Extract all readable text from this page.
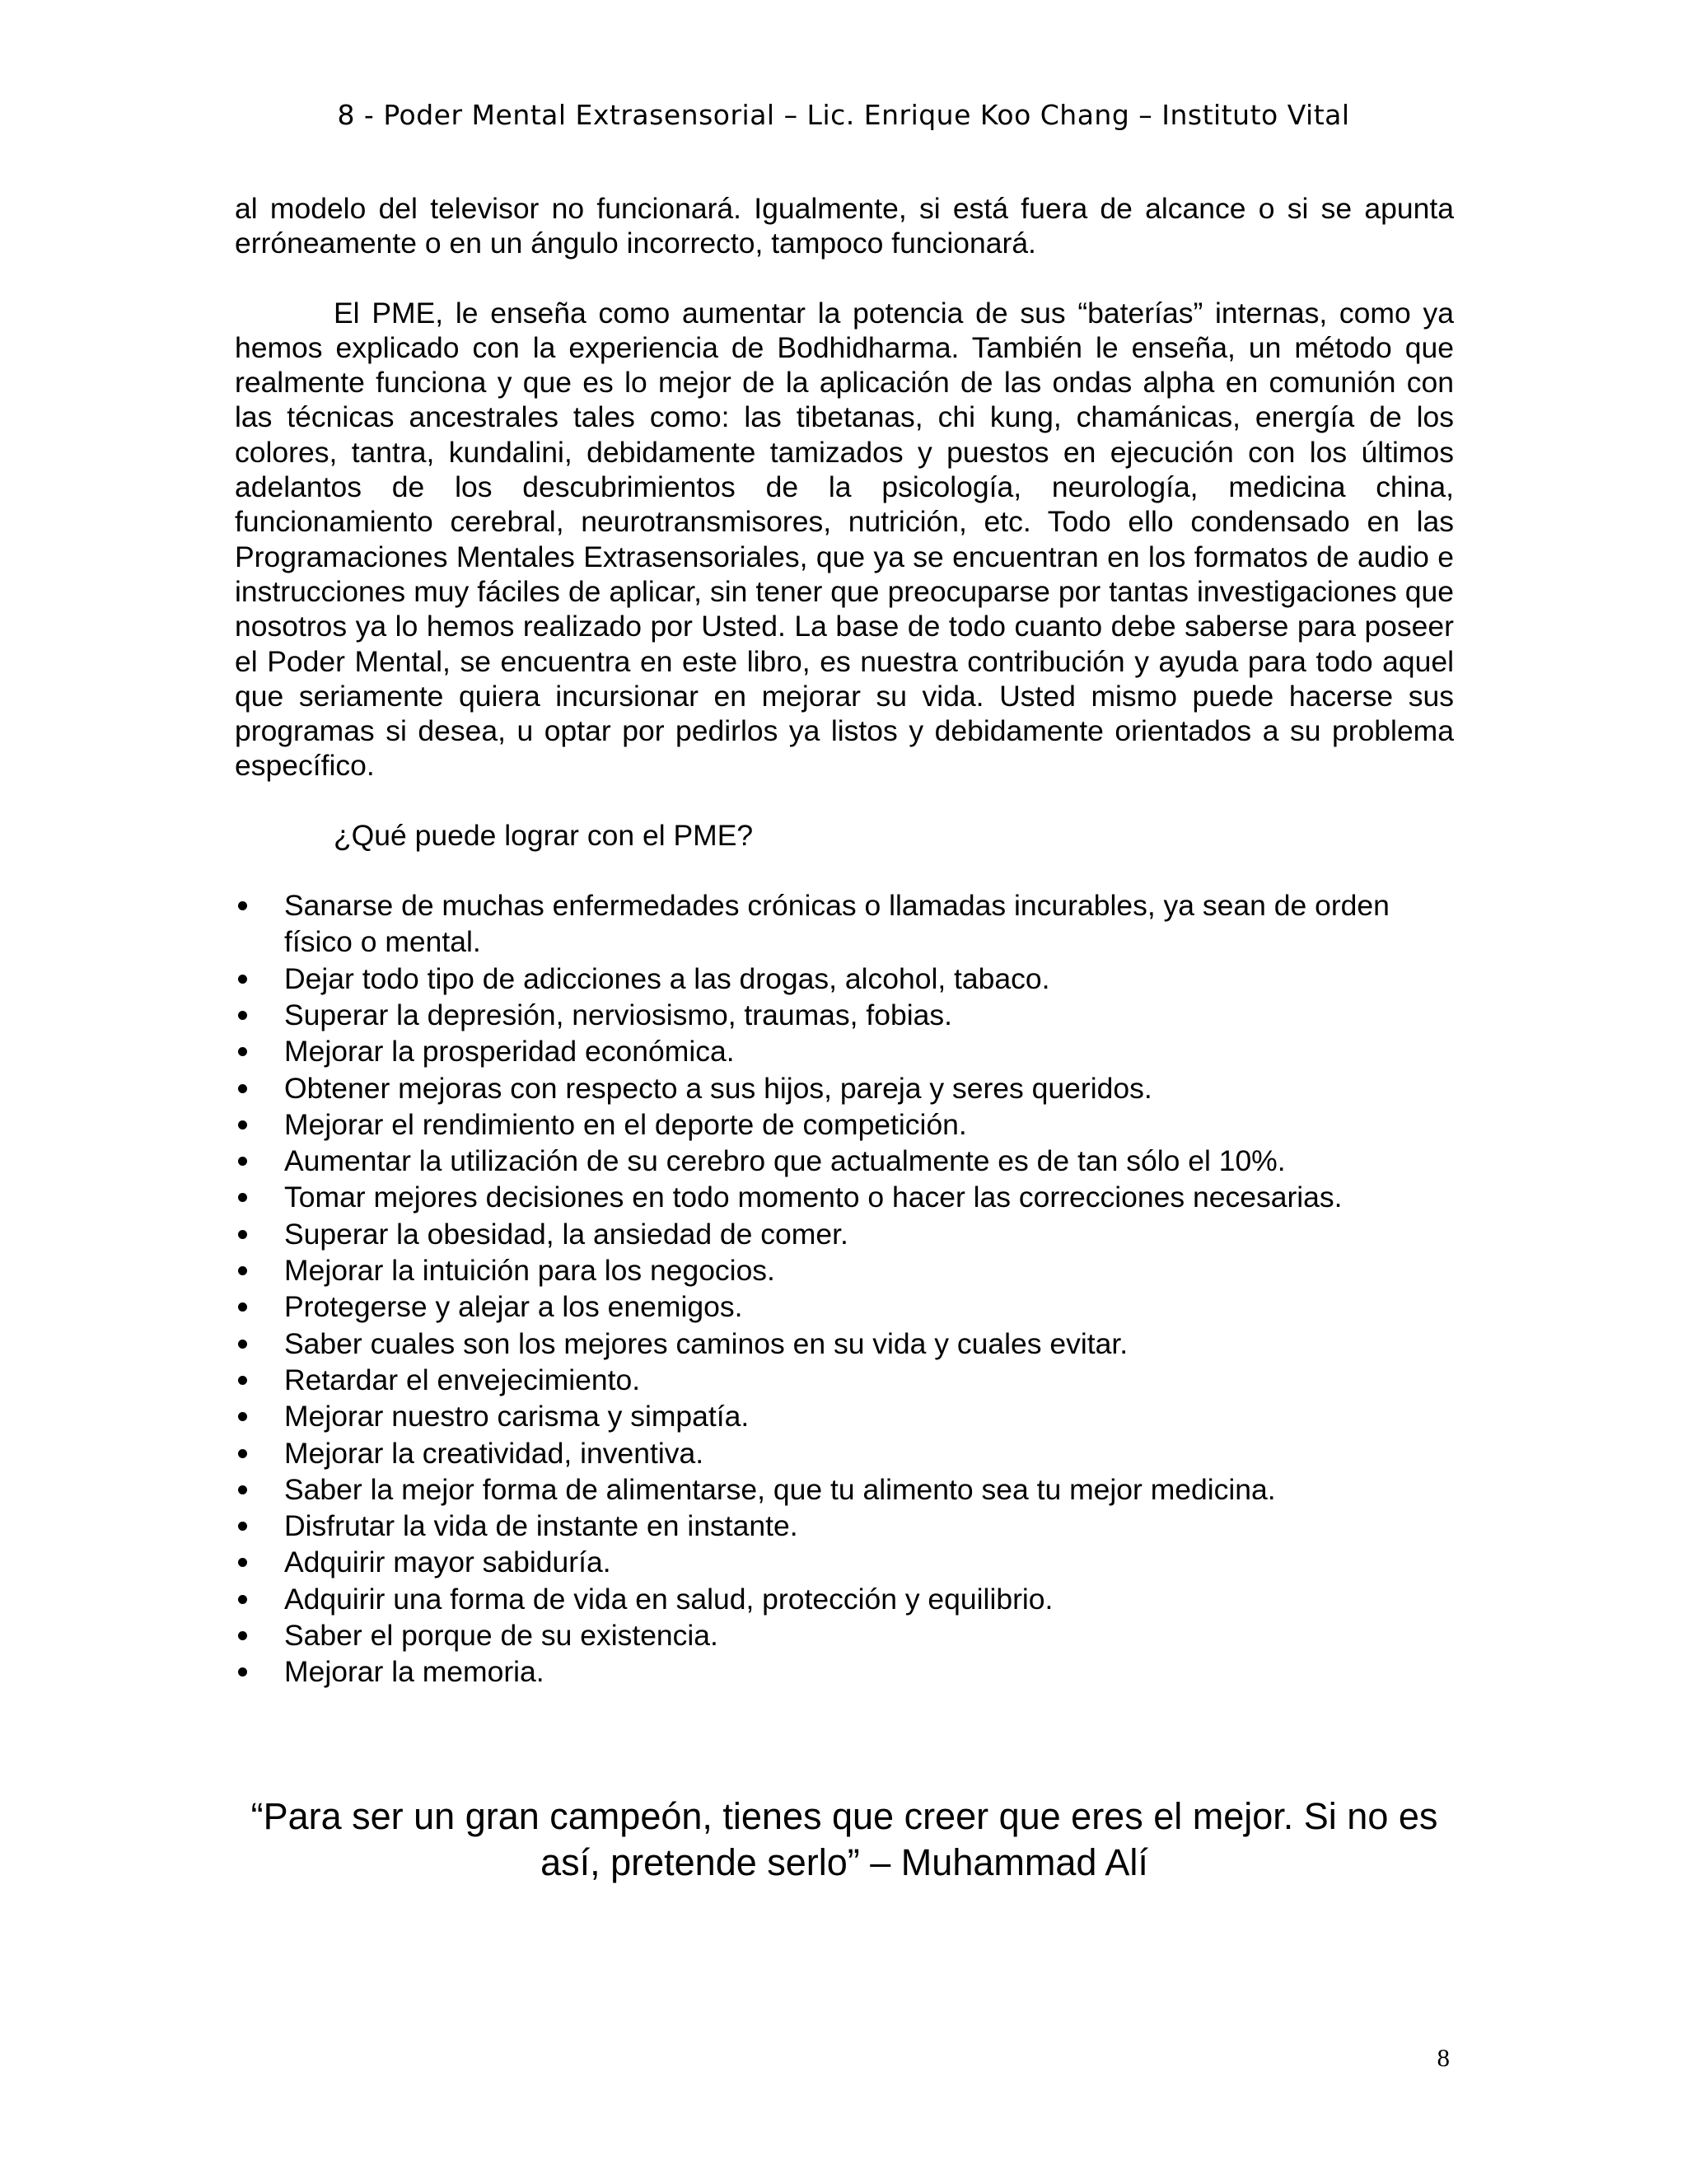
8 - Poder Mental Extrasensorial – Lic. Enrique Koo Chang – Instituto Vital

al modelo del televisor no funcionará. Igualmente, si está fuera de alcance o si se apunta erróneamente o en un ángulo incorrecto, tampoco funcionará.

El PME, le enseña como aumentar la potencia de sus “baterías” internas, como ya hemos explicado con la experiencia de Bodhidharma. También le enseña, un método que realmente funciona y que es lo mejor de la aplicación de las ondas alpha en comunión con las técnicas ancestrales tales como: las tibetanas, chi kung, chamánicas, energía de los colores, tantra, kundalini, debidamente tamizados y puestos en ejecución con los últimos adelantos de los descubrimientos de la psicología, neurología, medicina china, funcionamiento cerebral, neurotransmisores, nutrición, etc. Todo ello condensado en las Programaciones Mentales Extrasensoriales, que ya se encuentran en los formatos de audio e instrucciones muy fáciles de aplicar, sin tener que preocuparse por tantas investigaciones que nosotros ya lo hemos realizado por Usted. La base de todo cuanto debe saberse para poseer el Poder Mental, se encuentra en este libro, es nuestra contribución y ayuda para todo aquel que seriamente quiera incursionar en mejorar su vida. Usted mismo puede hacerse sus programas si desea, u optar por pedirlos ya listos y debidamente orientados a su problema específico.

¿Qué puede lograr con el PME?

Sanarse de muchas enfermedades crónicas o llamadas incurables, ya sean de orden físico o mental.
Dejar todo tipo de adicciones a las drogas, alcohol, tabaco.
Superar la depresión, nerviosismo, traumas, fobias.
Mejorar la prosperidad económica.
Obtener mejoras con respecto a sus hijos, pareja y seres queridos.
Mejorar el rendimiento en el deporte de competición.
Aumentar la utilización de su cerebro que actualmente es de tan sólo el 10%.
Tomar mejores decisiones en todo momento o hacer las correcciones necesarias.
Superar la obesidad, la ansiedad de comer.
Mejorar la intuición para los negocios.
Protegerse y alejar a los enemigos.
Saber cuales son los mejores caminos en su vida y cuales evitar.
Retardar el envejecimiento.
Mejorar nuestro carisma y simpatía.
Mejorar la creatividad, inventiva.
Saber la mejor forma de alimentarse, que tu alimento sea tu mejor medicina.
Disfrutar la vida de instante en instante.
Adquirir mayor sabiduría.
Adquirir una forma de vida en salud, protección y equilibrio.
Saber el porque de su existencia.
Mejorar la memoria.
“Para ser un gran campeón, tienes que creer que eres el mejor. Si no es así, pretende serlo” – Muhammad Alí
8
